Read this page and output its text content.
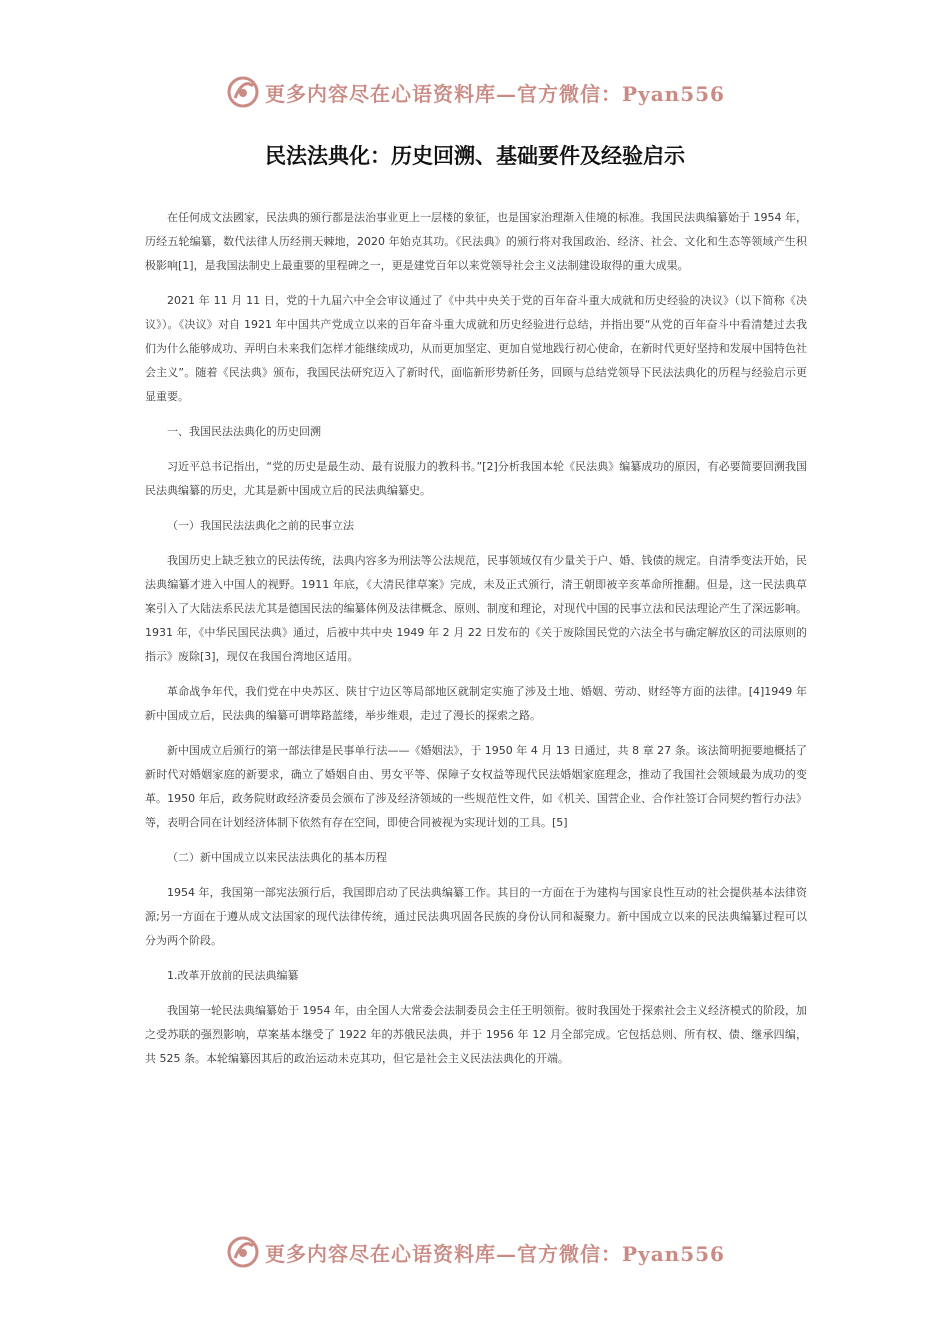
更多内容尽在心语资料库—官方微信：Pyan556
民法法典化：历史回溯、基础要件及经验启示

在任何成文法國家，民法典的颁行都是法治事业更上一层楼的象征，也是国家治理渐入佳境的标准。我国民法典编纂始于 1954 年，历经五轮编纂，数代法律人历经荆天棘地，2020 年始克其功。《民法典》的颁行将对我国政治、经济、社会、文化和生态等领域产生积极影响[1]，是我国法制史上最重要的里程碑之一，更是建党百年以来党领导社会主义法制建设取得的重大成果。

2021 年 11 月 11 日，党的十九届六中全会审议通过了《中共中央关于党的百年奋斗重大成就和历史经验的决议》（以下简称《决议》）。《决议》对自 1921 年中国共产党成立以来的百年奋斗重大成就和历史经验进行总结，并指出要“从党的百年奋斗中看清楚过去我们为什么能够成功、弄明白未来我们怎样才能继续成功，从而更加坚定、更加自觉地践行初心使命，在新时代更好坚持和发展中国特色社会主义”。随着《民法典》颁布，我国民法研究迈入了新时代，面临新形势新任务，回顾与总结党领导下民法法典化的历程与经验启示更显重要。

一、我国民法法典化的历史回溯

习近平总书记指出，“党的历史是最生动、最有说服力的教科书。”[2]分析我国本轮《民法典》编纂成功的原因，有必要简要回溯我国民法典编纂的历史，尤其是新中国成立后的民法典编纂史。

（一）我国民法法典化之前的民事立法

我国历史上缺乏独立的民法传统，法典内容多为刑法等公法规范，民事领域仅有少量关于户、婚、钱债的规定。自清季变法开始，民法典编纂才进入中国人的视野。1911 年底，《大清民律草案》完成，未及正式颁行，清王朝即被辛亥革命所推翻。但是，这一民法典草案引入了大陆法系民法尤其是德国民法的编纂体例及法律概念、原则、制度和理论，对现代中国的民事立法和民法理论产生了深远影响。1931 年，《中华民国民法典》通过，后被中共中央 1949 年 2 月 22 日发布的《关于废除国民党的六法全书与确定解放区的司法原则的指示》废除[3]，现仅在我国台湾地区适用。

革命战争年代，我们党在中央苏区、陕甘宁边区等局部地区就制定实施了涉及土地、婚姻、劳动、财经等方面的法律。[4]1949 年新中国成立后，民法典的编纂可谓筚路蓝缕，举步维艰，走过了漫长的探索之路。

新中国成立后颁行的第一部法律是民事单行法——《婚姻法》，于 1950 年 4 月 13 日通过，共 8 章 27 条。该法简明扼要地概括了新时代对婚姻家庭的新要求，确立了婚姻自由、男女平等、保障子女权益等现代民法婚姻家庭理念，推动了我国社会领域最为成功的变革。1950 年后，政务院财政经济委员会颁布了涉及经济领域的一些规范性文件，如《机关、国营企业、合作社签订合同契约暂行办法》等，表明合同在计划经济体制下依然有存在空间，即使合同被视为实现计划的工具。[5]

（二）新中国成立以来民法法典化的基本历程

1954 年，我国第一部宪法颁行后，我国即启动了民法典编纂工作。其目的一方面在于为建构与国家良性互动的社会提供基本法律资源;另一方面在于遵从成文法国家的现代法律传统，通过民法典巩固各民族的身份认同和凝聚力。新中国成立以来的民法典编纂过程可以分为两个阶段。

1.改革开放前的民法典编纂

我国第一轮民法典编纂始于 1954 年，由全国人大常委会法制委员会主任王明领衔。彼时我国处于探索社会主义经济模式的阶段，加之受苏联的强烈影响，草案基本继受了 1922 年的苏俄民法典，并于 1956 年 12 月全部完成。它包括总则、所有权、债、继承四编，共 525 条。本轮编纂因其后的政治运动未克其功，但它是社会主义民法法典化的开端。

更多内容尽在心语资料库—官方微信：Pyan556
